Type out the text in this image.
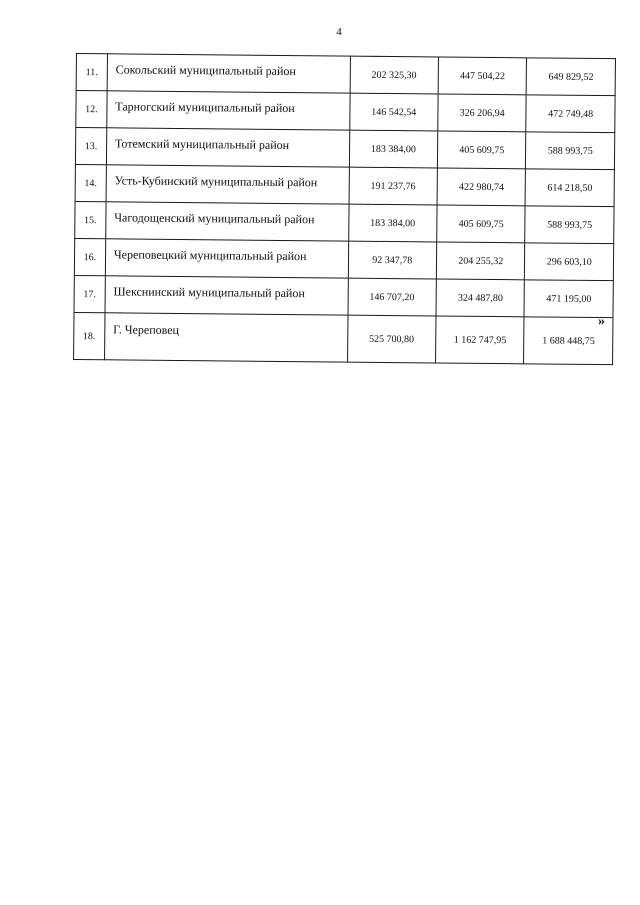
4
11.	Сокольский муниципальный район	202 325,30	447 504,22	649 829,52
12.	Тарногский муниципальный район	146 542,54	326 206,94	472 749,48
13.	Тотемский муниципальный район	183 384,00	405 609,75	588 993,75
14.	Усть-Кубинский муниципальный район	191 237,76	422 980,74	614 218,50
15.	Чагодощенский муниципальный район	183 384,00	405 609,75	588 993,75
16.	Череповецкий муниципальный район	92 347,78	204 255,32	296 603,10
17.	Шекснинский муниципальный район	146 707,20	324 487,80	471 195,00
18.	Г. Череповец	525 700,80	1 162 747,95	1 688 448,75
»
